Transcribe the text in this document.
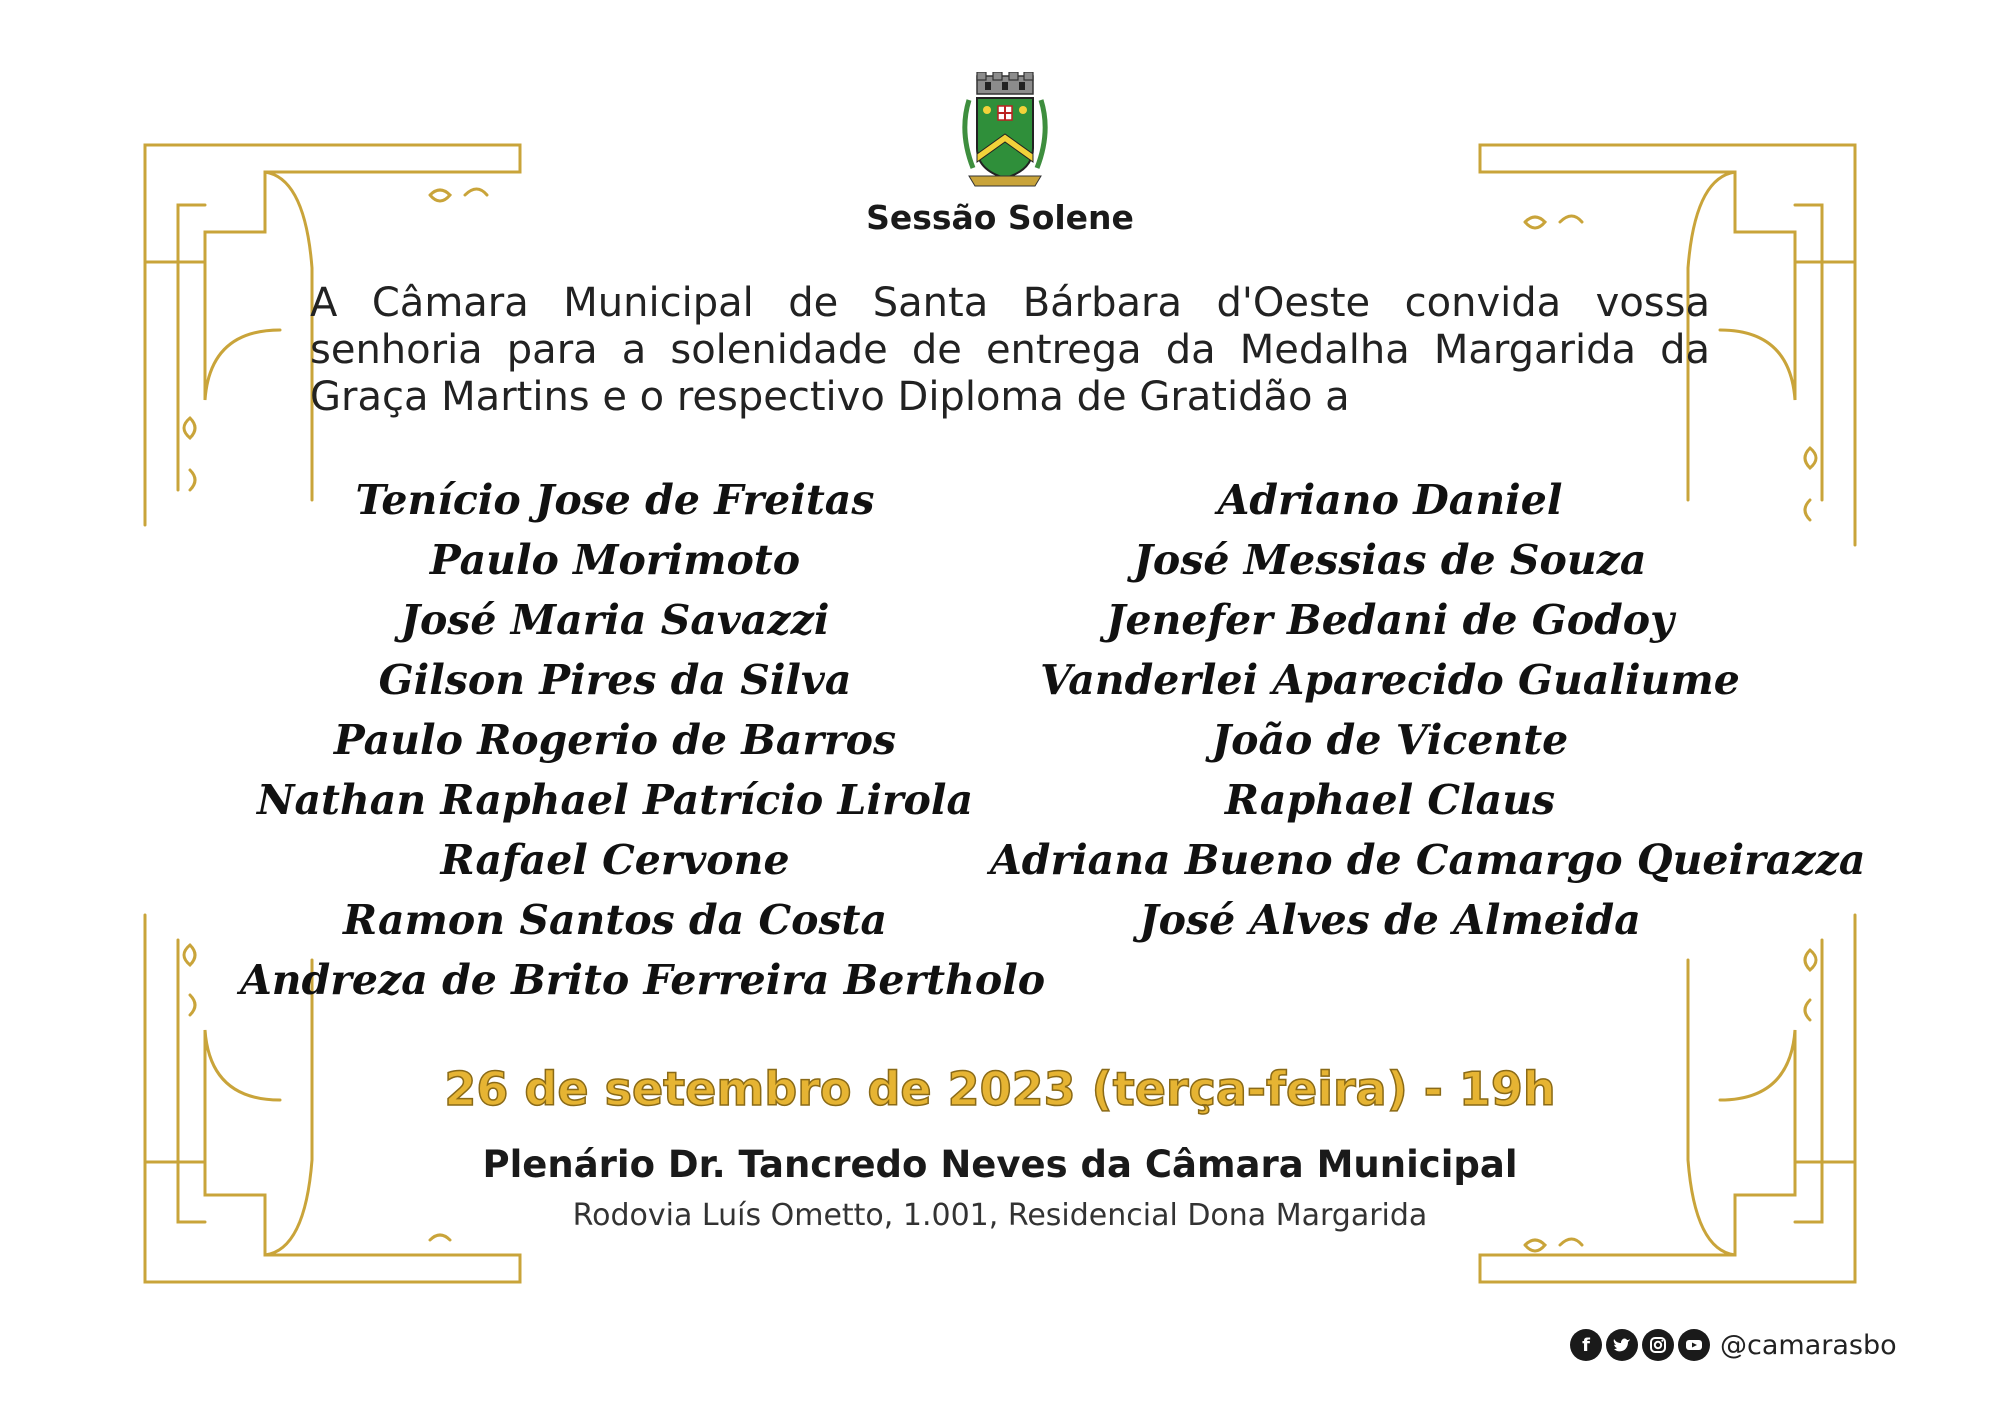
Sessão Solene
A Câmara Municipal de Santa Bárbara d'Oeste convida vossa
senhoria para a solenidade de entrega da Medalha Margarida da
Graça Martins e o respectivo Diploma de Gratidão a
Tenício Jose de Freitas
Paulo Morimoto
José Maria Savazzi
Gilson Pires da Silva
Paulo Rogerio de Barros
Nathan Raphael Patrício Lirola
Rafael Cervone
Ramon Santos da Costa
Andreza de Brito Ferreira Bertholo
Adriano Daniel
José Messias de Souza
Jenefer Bedani de Godoy
Vanderlei Aparecido Gualiume
João de Vicente
Raphael Claus
Adriana Bueno de Camargo Queirazza
José Alves de Almeida
26 de setembro de 2023 (terça-feira) - 19h
Plenário Dr. Tancredo Neves da Câmara Municipal
Rodovia Luís Ometto, 1.001, Residencial Dona Margarida
f	@camarasbo
